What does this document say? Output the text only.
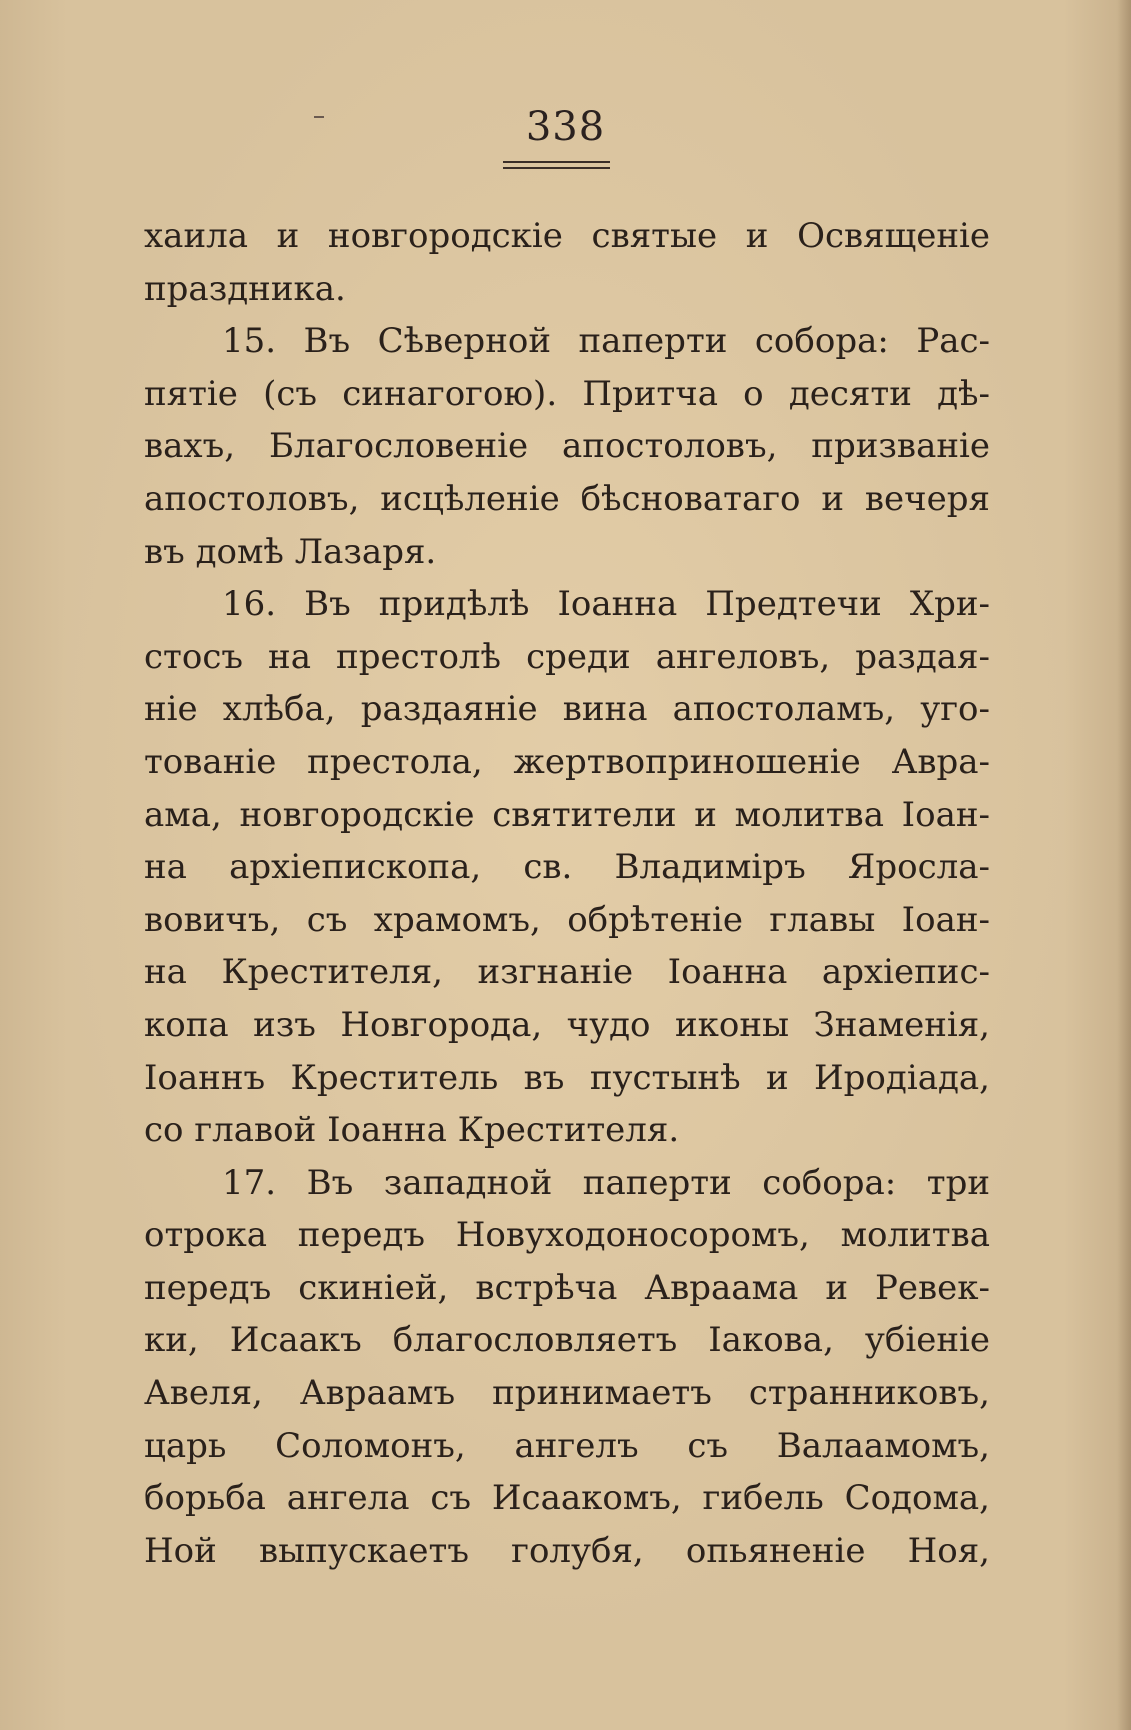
338
хаила и новгородскіе святые и Освященіе
праздника.
15. Въ Сѣверной паперти собора: Рас-
пятіе (съ синагогою). Притча о десяти дѣ-
вахъ, Благословеніе апостоловъ, призваніе
апостоловъ, исцѣленіе бѣсноватаго и вечеря
въ домѣ Лазаря.
16. Въ придѣлѣ Іоанна Предтечи Хри-
стосъ на престолѣ среди ангеловъ, раздая-
ніе хлѣба, раздаяніе вина апостоламъ, уго-
тованіе престола, жертвоприношеніе Авра-
ама, новгородскіе святители и молитва Іоан-
на архіепископа, св. Владиміръ Яросла-
вовичъ, съ храмомъ, обрѣтеніе главы Іоан-
на Крестителя, изгнаніе Іоанна архіепис-
копа изъ Новгорода, чудо иконы Знаменія,
Іоаннъ Креститель въ пустынѣ и Иродіада,
со главой Іоанна Крестителя.
17. Въ западной паперти собора: три
отрока передъ Новуходоносоромъ, молитва
передъ скиніей, встрѣча Авраама и Ревек-
ки, Исаакъ благословляетъ Іакова, убіеніе
Авеля, Авраамъ принимаетъ странниковъ,
царь Соломонъ, ангелъ съ Валаамомъ,
борьба ангела съ Исаакомъ, гибель Содома,
Ной выпускаетъ голубя, опьяненіе Ноя,
